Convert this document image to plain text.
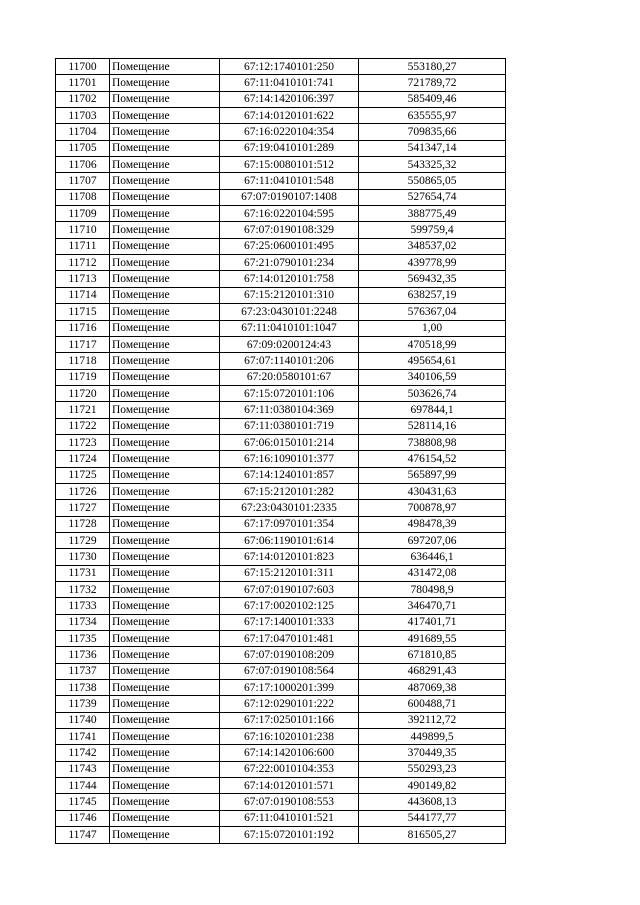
11700	Помещение	67:12:1740101:250	553180,27
11701	Помещение	67:11:0410101:741	721789,72
11702	Помещение	67:14:1420106:397	585409,46
11703	Помещение	67:14:0120101:622	635555,97
11704	Помещение	67:16:0220104:354	709835,66
11705	Помещение	67:19:0410101:289	541347,14
11706	Помещение	67:15:0080101:512	543325,32
11707	Помещение	67:11:0410101:548	550865,05
11708	Помещение	67:07:0190107:1408	527654,74
11709	Помещение	67:16:0220104:595	388775,49
11710	Помещение	67:07:0190108:329	599759,4
11711	Помещение	67:25:0600101:495	348537,02
11712	Помещение	67:21:0790101:234	439778,99
11713	Помещение	67:14:0120101:758	569432,35
11714	Помещение	67:15:2120101:310	638257,19
11715	Помещение	67:23:0430101:2248	576367,04
11716	Помещение	67:11:0410101:1047	1,00
11717	Помещение	67:09:0200124:43	470518,99
11718	Помещение	67:07:1140101:206	495654,61
11719	Помещение	67:20:0580101:67	340106,59
11720	Помещение	67:15:0720101:106	503626,74
11721	Помещение	67:11:0380104:369	697844,1
11722	Помещение	67:11:0380101:719	528114,16
11723	Помещение	67:06:0150101:214	738808,98
11724	Помещение	67:16:1090101:377	476154,52
11725	Помещение	67:14:1240101:857	565897,99
11726	Помещение	67:15:2120101:282	430431,63
11727	Помещение	67:23:0430101:2335	700878,97
11728	Помещение	67:17:0970101:354	498478,39
11729	Помещение	67:06:1190101:614	697207,06
11730	Помещение	67:14:0120101:823	636446,1
11731	Помещение	67:15:2120101:311	431472,08
11732	Помещение	67:07:0190107:603	780498,9
11733	Помещение	67:17:0020102:125	346470,71
11734	Помещение	67:17:1400101:333	417401,71
11735	Помещение	67:17:0470101:481	491689,55
11736	Помещение	67:07:0190108:209	671810,85
11737	Помещение	67:07:0190108:564	468291,43
11738	Помещение	67:17:1000201:399	487069,38
11739	Помещение	67:12:0290101:222	600488,71
11740	Помещение	67:17:0250101:166	392112,72
11741	Помещение	67:16:1020101:238	449899,5
11742	Помещение	67:14:1420106:600	370449,35
11743	Помещение	67:22:0010104:353	550293,23
11744	Помещение	67:14:0120101:571	490149,82
11745	Помещение	67:07:0190108:553	443608,13
11746	Помещение	67:11:0410101:521	544177,77
11747	Помещение	67:15:0720101:192	816505,27
